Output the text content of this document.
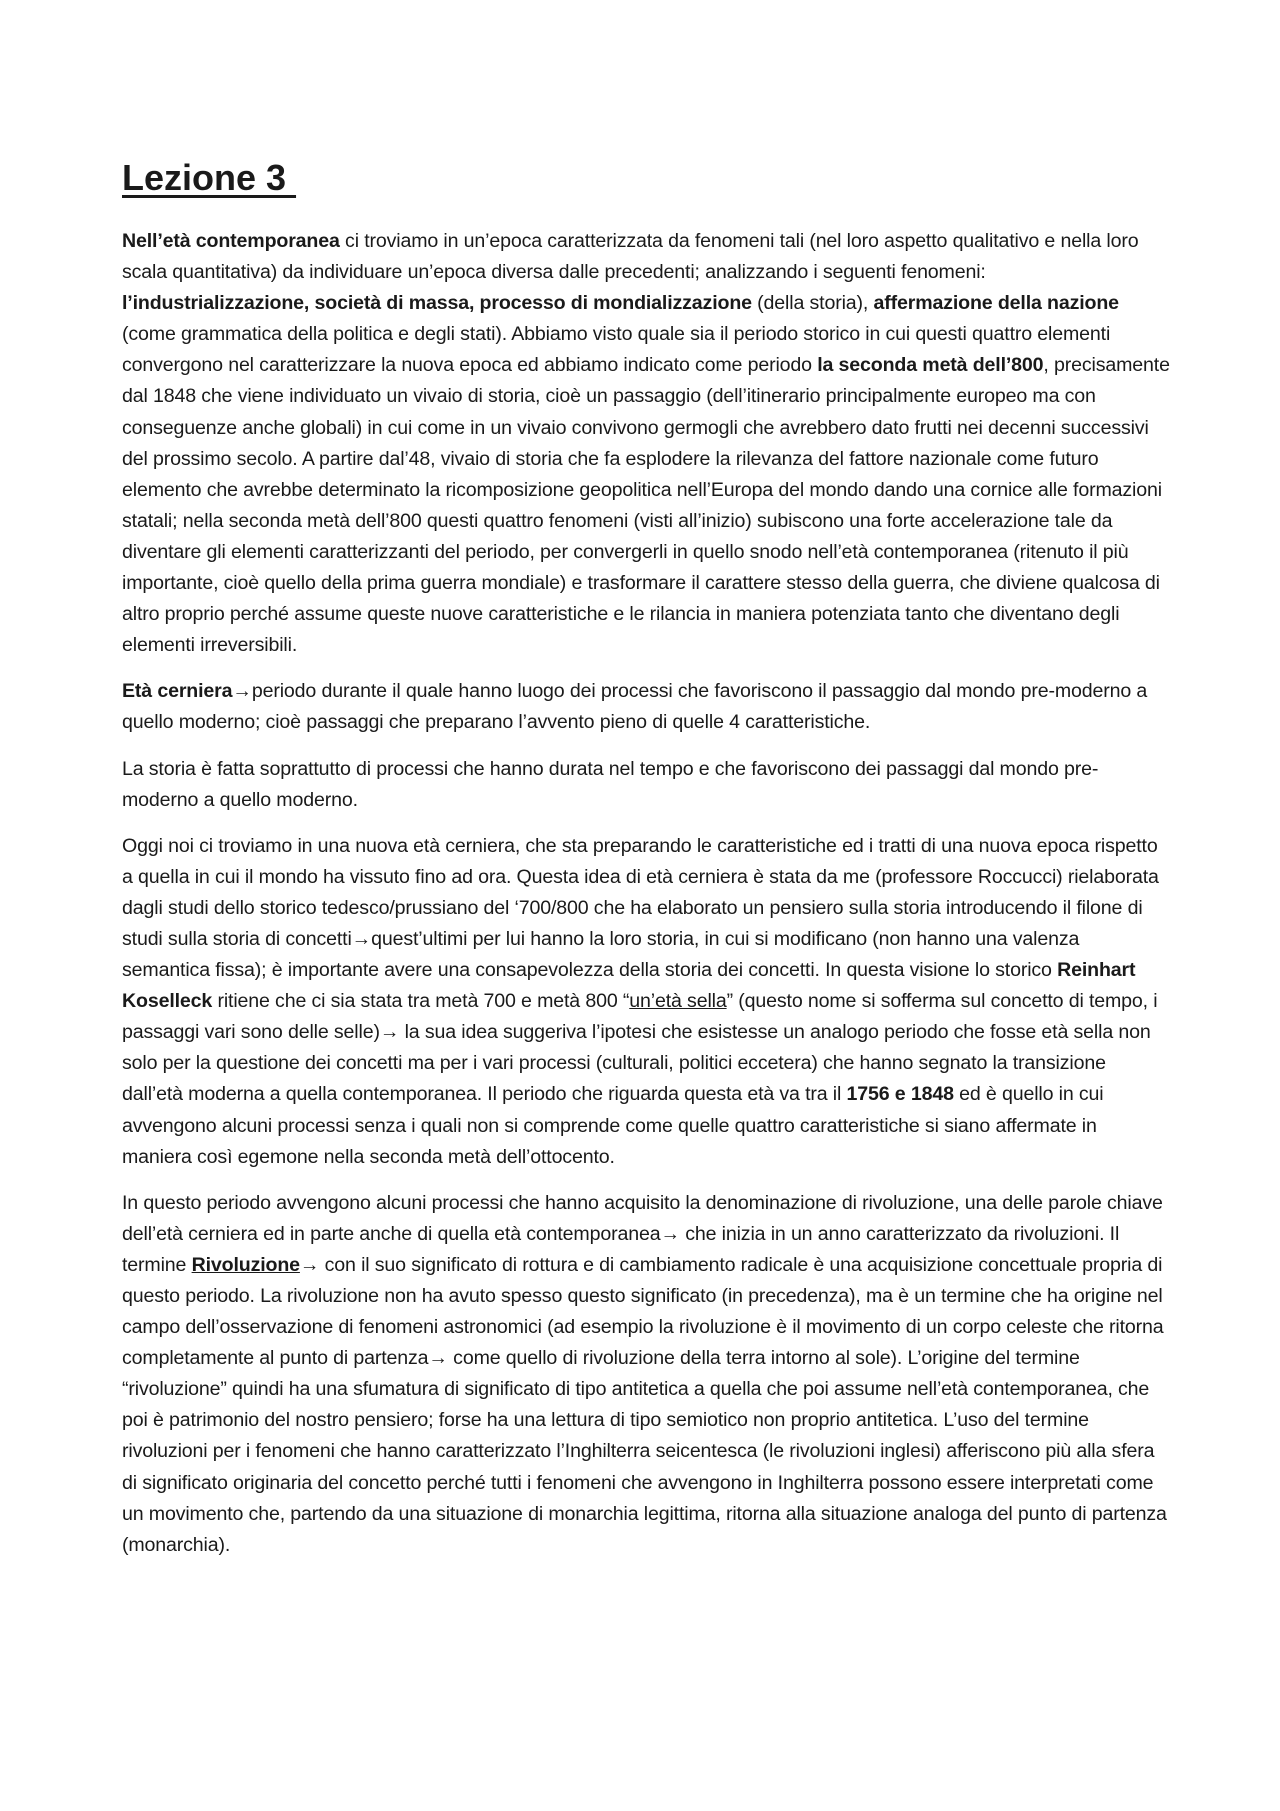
Lezione 3

Nell’età contemporanea ci troviamo in un’epoca caratterizzata da fenomeni tali (nel loro aspetto qualitativo e nella loro scala quantitativa) da individuare un’epoca diversa dalle precedenti; analizzando i seguenti fenomeni: l’industrializzazione, società di massa, processo di mondializzazione (della storia), affermazione della nazione (come grammatica della politica e degli stati). Abbiamo visto quale sia il periodo storico in cui questi quattro elementi convergono nel caratterizzare la nuova epoca ed abbiamo indicato come periodo la seconda metà dell’800, precisamente dal 1848 che viene individuato un vivaio di storia, cioè un passaggio (dell’itinerario principalmente europeo ma con conseguenze anche globali) in cui come in un vivaio convivono germogli che avrebbero dato frutti nei decenni successivi del prossimo secolo. A partire dal’48, vivaio di storia che fa esplodere la rilevanza del fattore nazionale come futuro elemento che avrebbe determinato la ricomposizione geopolitica nell’Europa del mondo dando una cornice alle formazioni statali; nella seconda metà dell’800 questi quattro fenomeni (visti all’inizio) subiscono una forte accelerazione tale da diventare gli elementi caratterizzanti del periodo, per convergerli in quello snodo nell’età contemporanea (ritenuto il più importante, cioè quello della prima guerra mondiale) e trasformare il carattere stesso della guerra, che diviene qualcosa di altro proprio perché assume queste nuove caratteristiche e le rilancia in maniera potenziata tanto che diventano degli elementi irreversibili.

Età cerniera→periodo durante il quale hanno luogo dei processi che favoriscono il passaggio dal mondo pre-moderno a quello moderno; cioè passaggi che preparano l’avvento pieno di quelle 4 caratteristiche.

La storia è fatta soprattutto di processi che hanno durata nel tempo e che favoriscono dei passaggi dal mondo pre-moderno a quello moderno.

Oggi noi ci troviamo in una nuova età cerniera, che sta preparando le caratteristiche ed i tratti di una nuova epoca rispetto a quella in cui il mondo ha vissuto fino ad ora. Questa idea di età cerniera è stata da me (professore Roccucci) rielaborata dagli studi dello storico tedesco/prussiano del ‘700/800 che ha elaborato un pensiero sulla storia introducendo il filone di studi sulla storia di concetti→quest’ultimi per lui hanno la loro storia, in cui si modificano (non hanno una valenza semantica fissa); è importante avere una consapevolezza della storia dei concetti. In questa visione lo storico Reinhart Koselleck ritiene che ci sia stata tra metà 700 e metà 800 “un’età sella” (questo nome si sofferma sul concetto di tempo, i passaggi vari sono delle selle)→ la sua idea suggeriva l’ipotesi che esistesse un analogo periodo che fosse età sella non solo per la questione dei concetti ma per i vari processi (culturali, politici eccetera) che hanno segnato la transizione dall’età moderna a quella contemporanea. Il periodo che riguarda questa età va tra il 1756 e 1848 ed è quello in cui avvengono alcuni processi senza i quali non si comprende come quelle quattro caratteristiche si siano affermate in maniera così egemone nella seconda metà dell’ottocento.

In questo periodo avvengono alcuni processi che hanno acquisito la denominazione di rivoluzione, una delle parole chiave dell’età cerniera ed in parte anche di quella età contemporanea→ che inizia in un anno caratterizzato da rivoluzioni. Il termine Rivoluzione→ con il suo significato di rottura e di cambiamento radicale è una acquisizione concettuale propria di questo periodo. La rivoluzione non ha avuto spesso questo significato (in precedenza), ma è un termine che ha origine nel campo dell’osservazione di fenomeni astronomici (ad esempio la rivoluzione è il movimento di un corpo celeste che ritorna completamente al punto di partenza→ come quello di rivoluzione della terra intorno al sole). L’origine del termine “rivoluzione” quindi ha una sfumatura di significato di tipo antitetica a quella che poi assume nell’età contemporanea, che poi è patrimonio del nostro pensiero; forse ha una lettura di tipo semiotico non proprio antitetica. L’uso del termine rivoluzioni per i fenomeni che hanno caratterizzato l’Inghilterra seicentesca (le rivoluzioni inglesi) afferiscono più alla sfera di significato originaria del concetto perché tutti i fenomeni che avvengono in Inghilterra possono essere interpretati come un movimento che, partendo da una situazione di monarchia legittima, ritorna alla situazione analoga del punto di partenza (monarchia).
